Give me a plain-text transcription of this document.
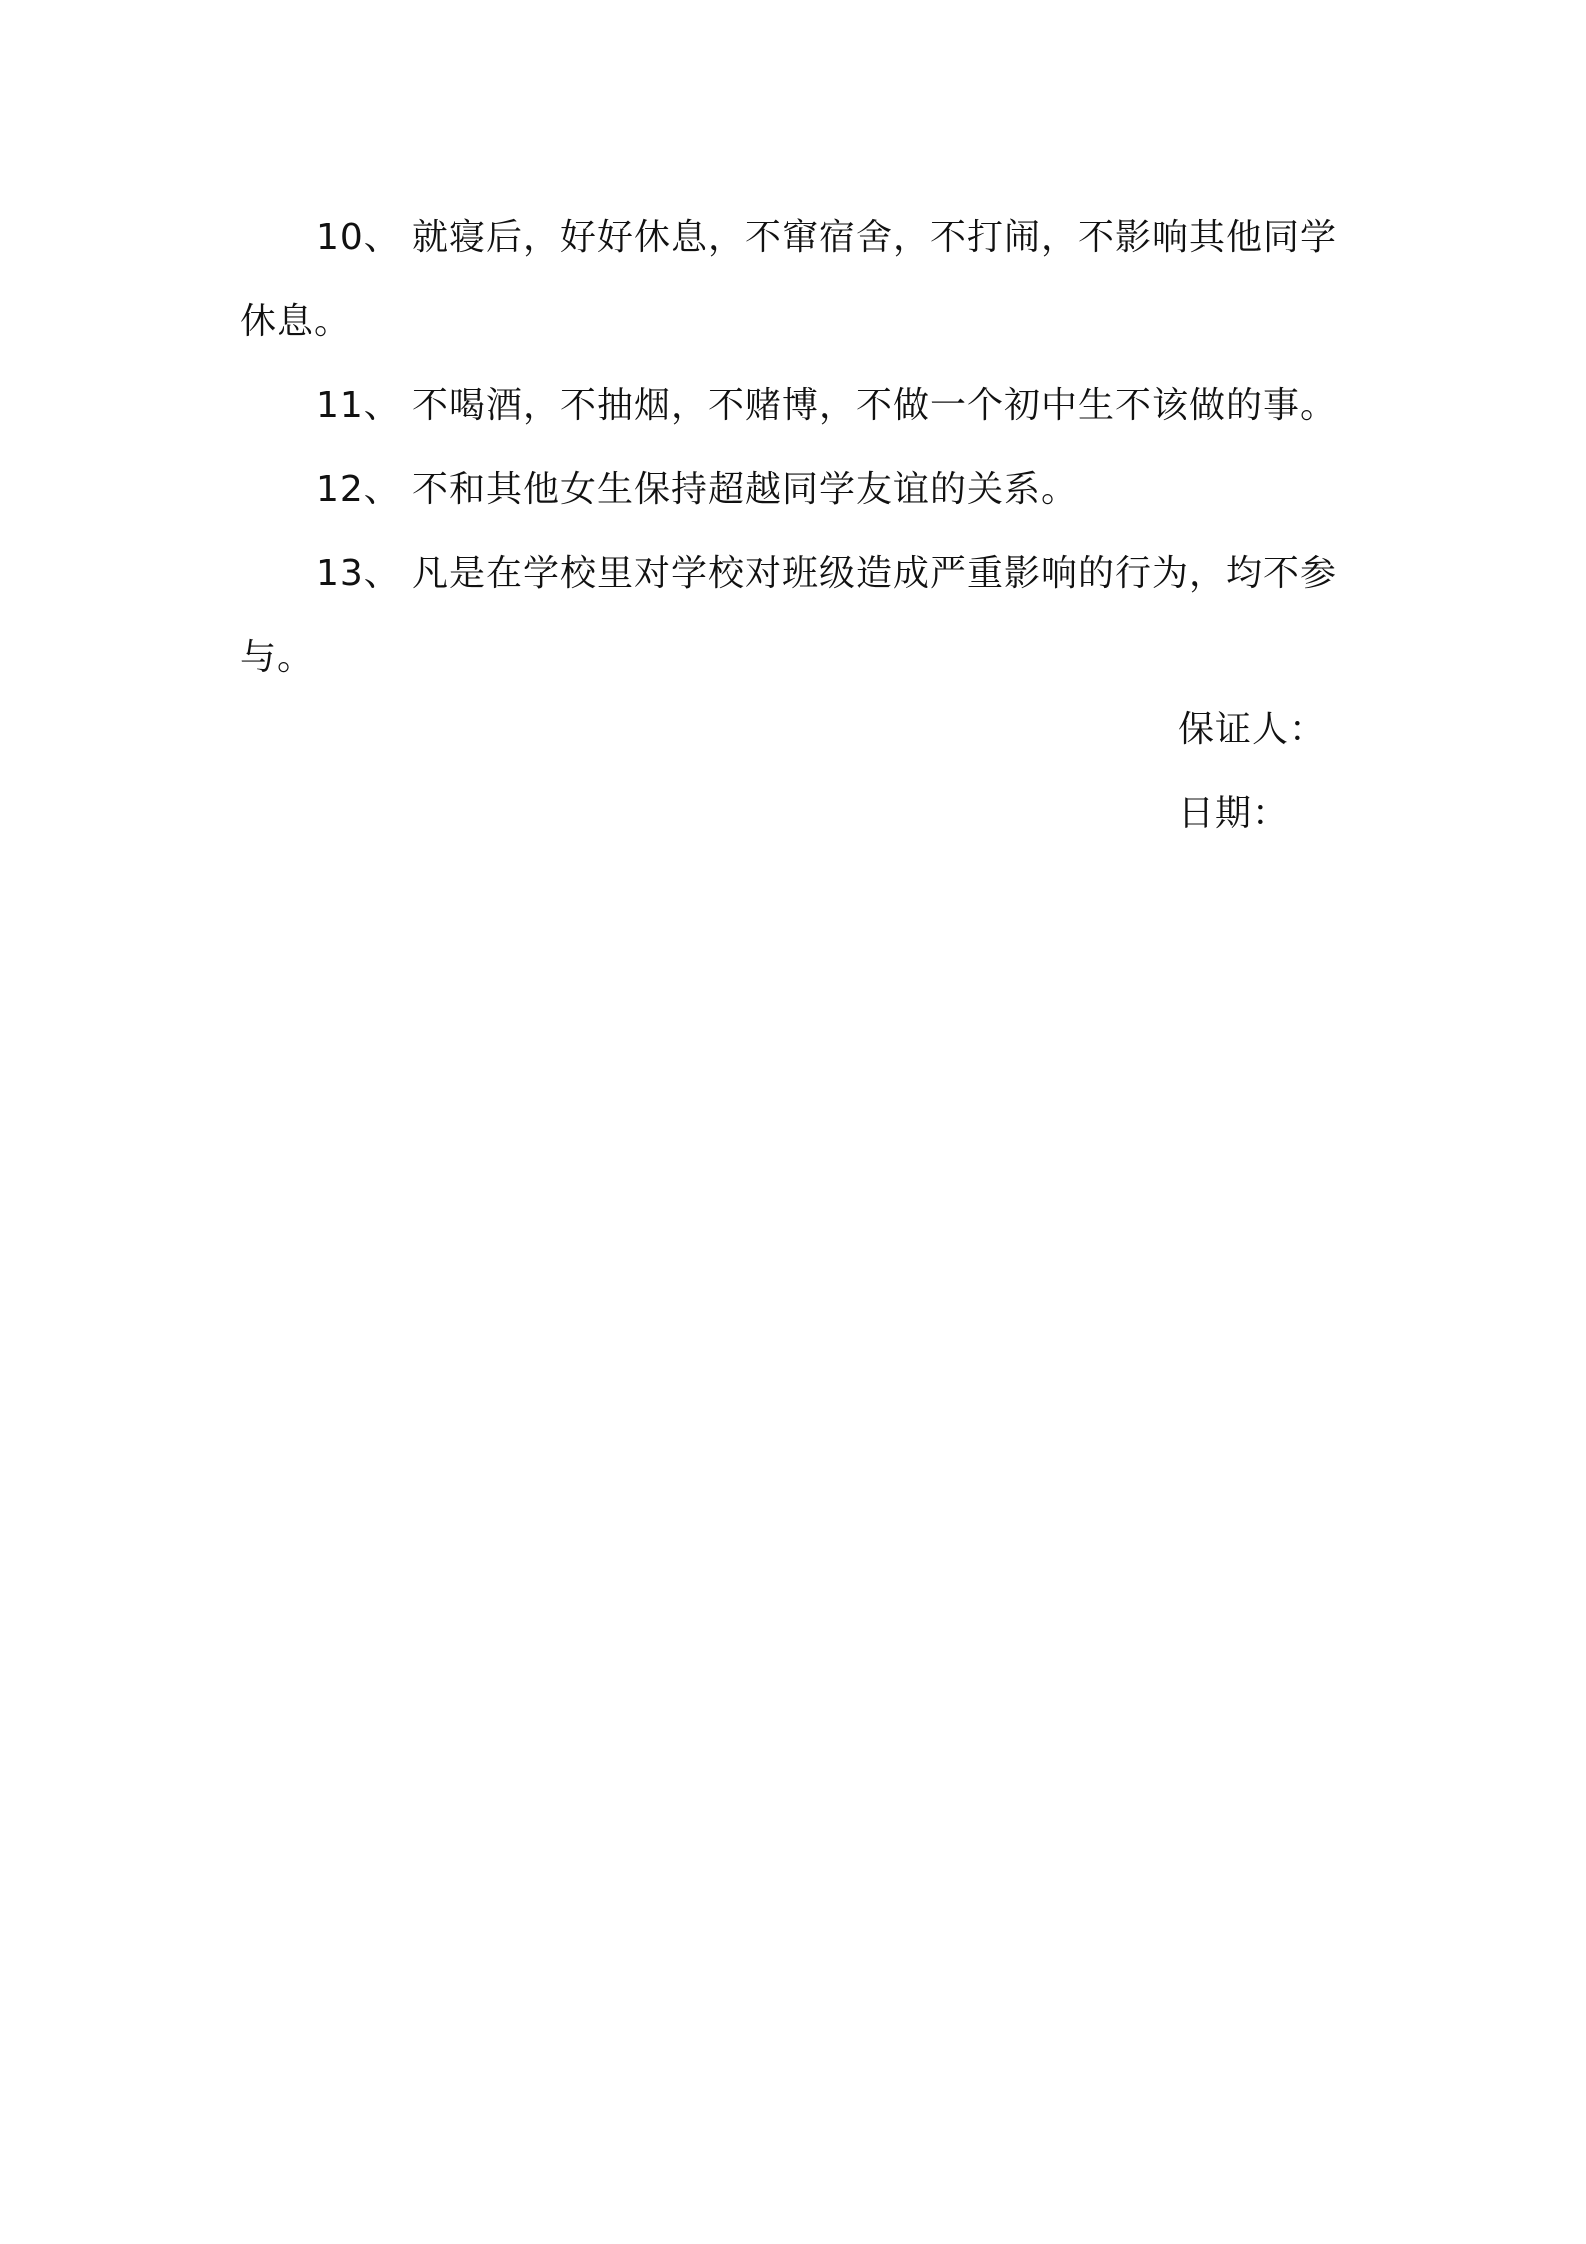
10、 就寝后，好好休息，不窜宿舍，不打闹，不影响其他同学
休息。
11、 不喝酒，不抽烟，不赌博，不做一个初中生不该做的事。
12、 不和其他女生保持超越同学友谊的关系。
13、 凡是在学校里对学校对班级造成严重影响的行为，均不参
与。
保证人：
日期：
